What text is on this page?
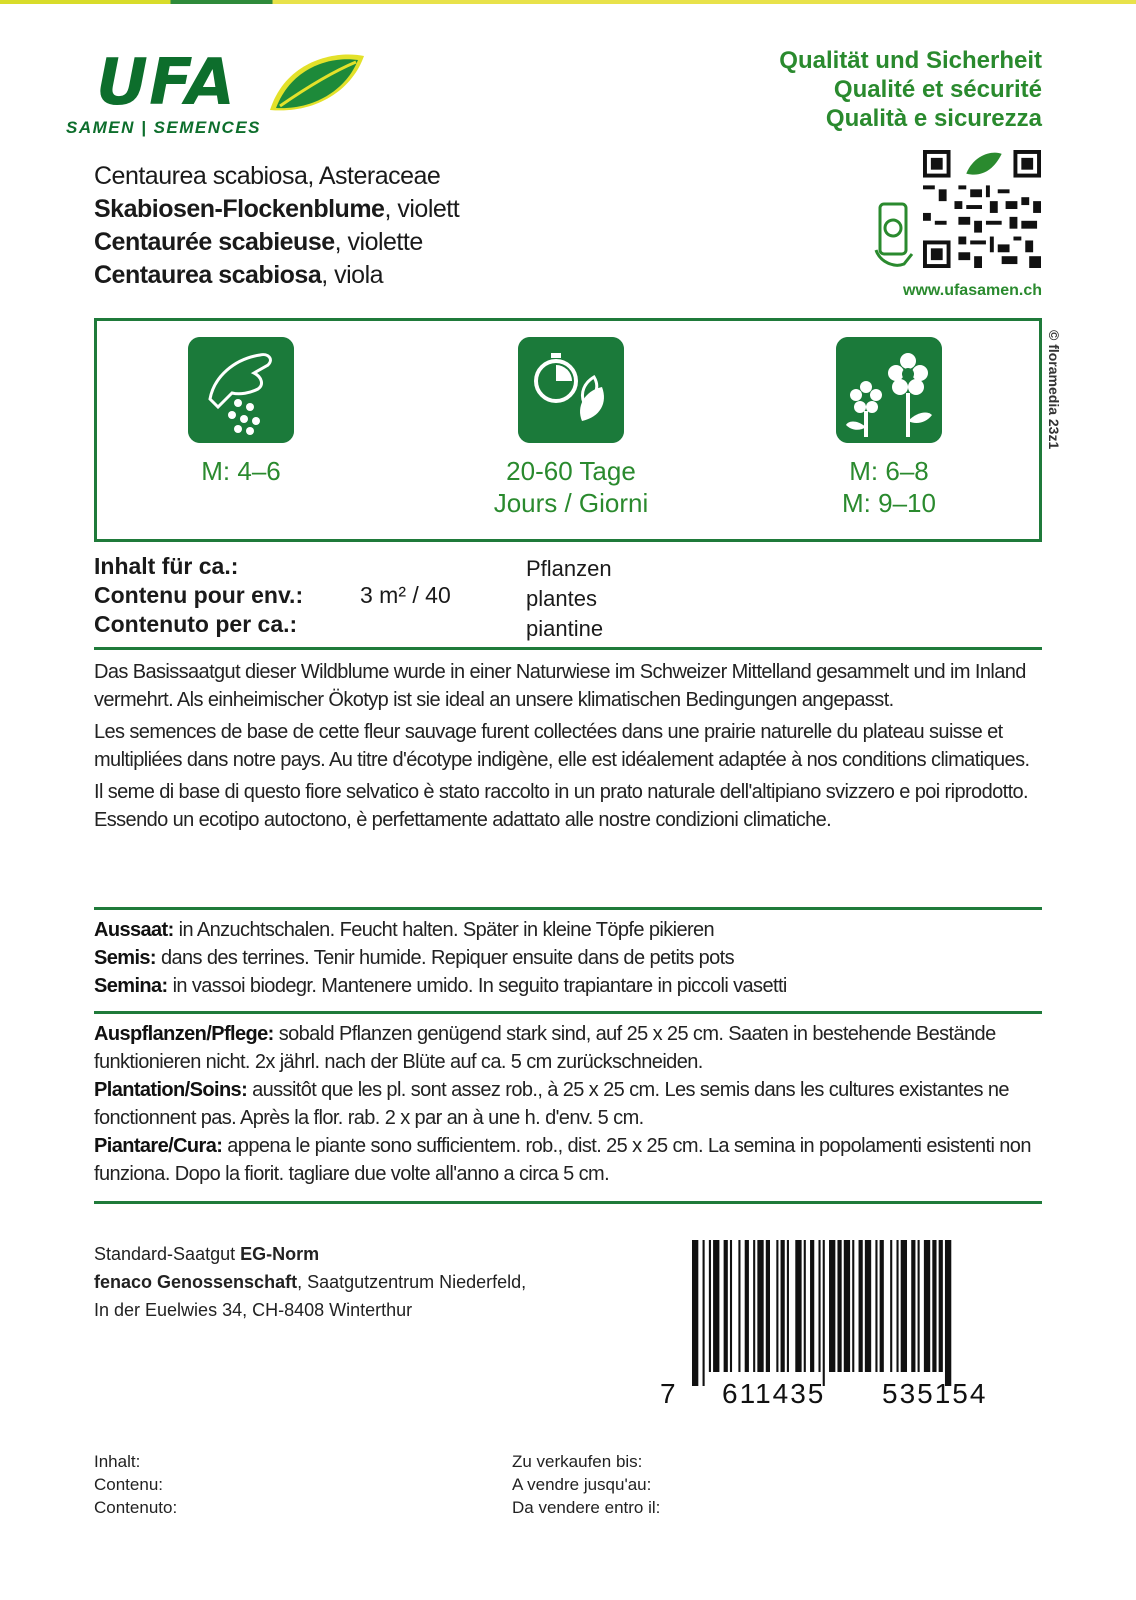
UFA
SAMEN | SEMENCES
Qualität und Sicherheit
Qualité et sécurité
Qualità e sicurezza
www.ufasamen.ch
Centaurea scabiosa, Asteraceae
Skabiosen-Flockenblume, violett
Centaurée scabieuse, violette
Centaurea scabiosa, viola
M: 4–6	20-60 Tage
Jours / Giorni
M: 6–8
M: 9–10
© floramedia 23z1
Inhalt für ca.:
Contenu pour env.:
Contenuto per ca.:
3 m² / 40
Pflanzen
plantes
piantine

Das Basissaatgut dieser Wildblume wurde in einer Naturwiese im Schweizer Mittelland gesammelt und im Inland vermehrt. Als einheimischer Ökotyp ist sie ideal an unsere klimatischen Bedingungen angepasst.

Les semences de base de cette fleur sauvage furent collectées dans une prairie naturelle du plateau suisse et multipliées dans notre pays. Au titre d'écotype indigène, elle est idéalement adaptée à nos conditions climatiques.

Il seme di base di questo fiore selvatico è stato raccolto in un prato naturale dell'altipiano svizzero e poi riprodotto. Essendo un ecotipo autoctono, è perfettamente adattato alle nostre condizioni climatiche.

Aussaat: in Anzuchtschalen. Feucht halten. Später in kleine Töpfe pikieren
Semis: dans des terrines. Tenir humide. Repiquer ensuite dans de petits pots
Semina: in vassoi biodegr. Mantenere umido. In seguito trapiantare in piccoli vasetti
Auspflanzen/Pflege: sobald Pflanzen genügend stark sind, auf 25 x 25 cm. Saaten in bestehende Bestände funktionieren nicht. 2x jährl. nach der Blüte auf ca. 5 cm zurückschneiden.
Plantation/Soins: aussitôt que les pl. sont assez rob., à 25 x 25 cm. Les semis dans les cultures existantes ne fonctionnent pas. Après la flor. rab. 2 x par an à une h. d'env. 5 cm.
Piantare/Cura: appena le piante sono sufficientem. rob., dist. 25 x 25 cm. La semina in popolamenti esistenti non funziona. Dopo la fiorit. tagliare due volte all'anno a circa 5 cm.
Standard-Saatgut EG-Norm
fenaco Genossenschaft, Saatgutzentrum Niederfeld,
In der Euelwies 34, CH-8408 Winterthur
7 611435 535154
Inhalt:
Contenu:
Contenuto:
Zu verkaufen bis:
A vendre jusqu'au:
Da vendere entro il:
